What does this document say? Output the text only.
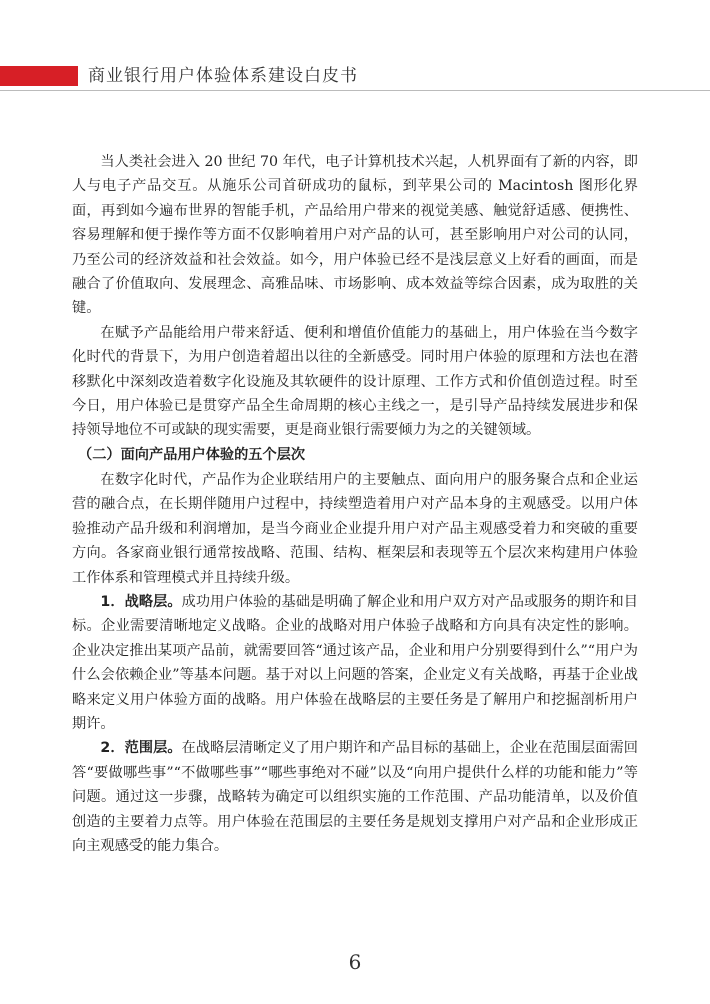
商业银行用户体验体系建设白皮书

当人类社会进入 20 世纪 70 年代，电子计算机技术兴起，人机界面有了新的内容，即人与电子产品交互。从施乐公司首研成功的鼠标，到苹果公司的 Macintosh 图形化界面，再到如今遍布世界的智能手机，产品给用户带来的视觉美感、触觉舒适感、便携性、容易理解和便于操作等方面不仅影响着用户对产品的认可，甚至影响用户对公司的认同，乃至公司的经济效益和社会效益。如今，用户体验已经不是浅层意义上好看的画面，而是融合了价值取向、发展理念、高雅品味、市场影响、成本效益等综合因素，成为取胜的关键。

在赋予产品能给用户带来舒适、便利和增值价值能力的基础上，用户体验在当今数字化时代的背景下，为用户创造着超出以往的全新感受。同时用户体验的原理和方法也在潜移默化中深刻改造着数字化设施及其软硬件的设计原理、工作方式和价值创造过程。时至今日，用户体验已是贯穿产品全生命周期的核心主线之一，是引导产品持续发展进步和保持领导地位不可或缺的现实需要，更是商业银行需要倾力为之的关键领域。

（二）面向产品用户体验的五个层次

在数字化时代，产品作为企业联结用户的主要触点、面向用户的服务聚合点和企业运营的融合点，在长期伴随用户过程中，持续塑造着用户对产品本身的主观感受。以用户体验推动产品升级和利润增加，是当今商业企业提升用户对产品主观感受着力和突破的重要方向。各家商业银行通常按战略、范围、结构、框架层和表现等五个层次来构建用户体验工作体系和管理模式并且持续升级。

1．战略层。成功用户体验的基础是明确了解企业和用户双方对产品或服务的期许和目标。企业需要清晰地定义战略。企业的战略对用户体验子战略和方向具有决定性的影响。企业决定推出某项产品前，就需要回答“通过该产品，企业和用户分别要得到什么”“用户为什么会依赖企业”等基本问题。基于对以上问题的答案，企业定义有关战略，再基于企业战略来定义用户体验方面的战略。用户体验在战略层的主要任务是了解用户和挖掘剖析用户期许。

2．范围层。在战略层清晰定义了用户期许和产品目标的基础上，企业在范围层面需回答“要做哪些事”“不做哪些事”“哪些事绝对不碰”以及“向用户提供什么样的功能和能力”等问题。通过这一步骤，战略转为确定可以组织实施的工作范围、产品功能清单，以及价值创造的主要着力点等。用户体验在范围层的主要任务是规划支撑用户对产品和企业形成正向主观感受的能力集合。

6
